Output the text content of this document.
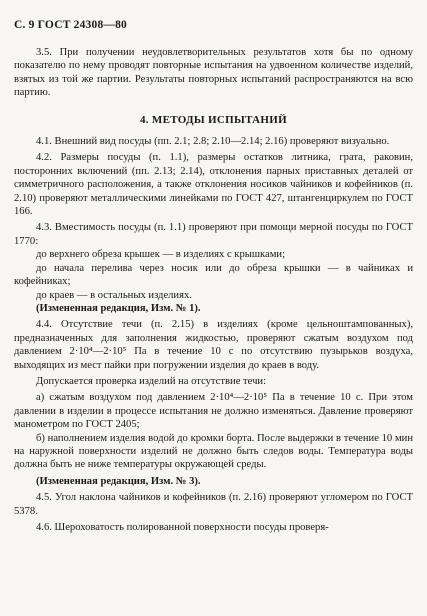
С. 9 ГОСТ 24308—80

3.5. При получении неудовлетворительных результатов хотя бы по одному показателю по нему проводят повторные испытания на удвоенном количестве изделий, взятых из той же партии. Результаты повторных испытаний распространяются на всю партию.

4. МЕТОДЫ ИСПЫТАНИЙ

4.1. Внешний вид посуды (пп. 2.1; 2.8; 2.10—2.14; 2.16) проверяют визуально.

4.2. Размеры посуды (п. 1.1), размеры остатков литника, грата, раковин, посторонних включений (пп. 2.13; 2.14), отклонения парных приставных деталей от симметричного расположения, а также отклонения носиков чайников и кофейников (п. 2.10) проверяют металлическими линейками по ГОСТ 427, штангенциркулем по ГОСТ 166.

4.3. Вместимость посуды (п. 1.1) проверяют при помощи мерной посуды по ГОСТ 1770:

до верхнего обреза крышек — в изделиях с крышками;

до начала перелива через носик или до обреза крышки — в чайниках и кофейниках;

до краев — в остальных изделиях.

(Измененная редакция, Изм. № 1).

4.4. Отсутствие течи (п. 2.15) в изделиях (кроме цельноштампованных), предназначенных для заполнения жидкостью, проверяют сжатым воздухом под давлением 2·10⁴—2·10⁵ Па в течение 10 с по отсутствию пузырьков воздуха, выходящих из мест пайки при погружении изделия до краев в воду.

Допускается проверка изделий на отсутствие течи:

а) сжатым воздухом под давлением 2·10⁴—2·10⁵ Па в течение 10 с. При этом давлении в изделии в процессе испытания не должно изменяться. Давление проверяют манометром по ГОСТ 2405;

б) наполнением изделия водой до кромки борта. После выдержки в течение 10 мин на наружной поверхности изделий не должно быть следов воды. Температура воды должна быть не ниже температуры окружающей среды.

(Измененная редакция, Изм. № 3).

4.5. Угол наклона чайников и кофейников (п. 2.16) проверяют угломером по ГОСТ 5378.

4.6. Шероховатость полированной поверхности посуды проверя-
